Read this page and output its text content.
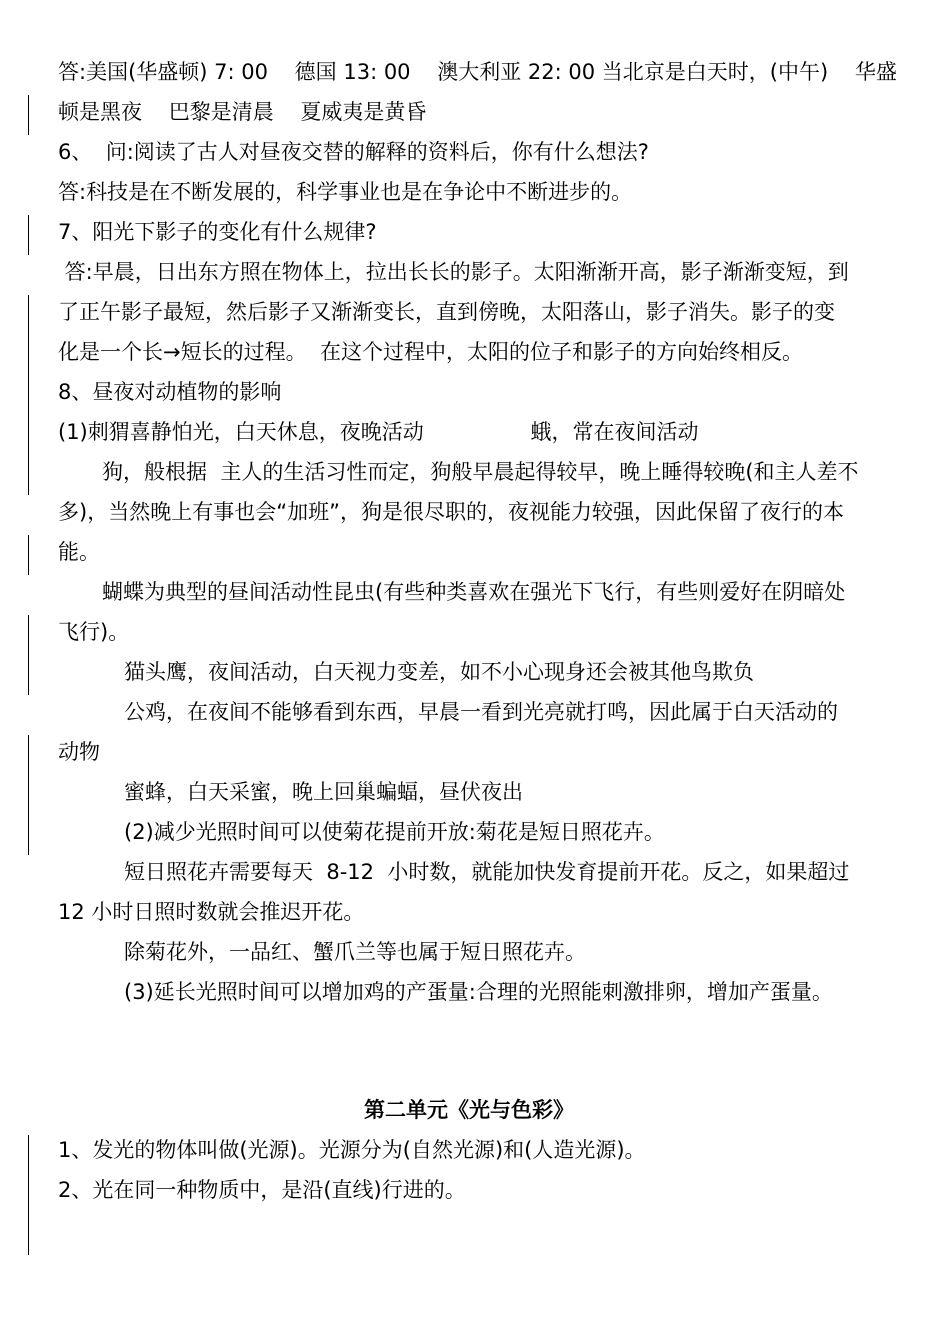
答:美国(华盛顿) 7: 00    德国 13: 00    澳大利亚 22: 00 当北京是白天时，(中午)    华盛
顿是黑夜    巴黎是清晨    夏威夷是黄昏
6、  问:阅读了古人对昼夜交替的解释的资料后，你有什么想法?
答:科技是在不断发展的，科学事业也是在争论中不断进步的。
7、阳光下影子的变化有什么规律?
答:早晨，日出东方照在物体上，拉出长长的影子。太阳渐渐开高，影子渐渐变短，到
了正午影子最短，然后影子又渐渐变长，直到傍晚，太阳落山，影子消失。影子的变
化是一个长→短长的过程。  在这个过程中，太阳的位子和影子的方向始终相反。
8、昼夜对动植物的影响
(1)刺猬喜静怕光，白天休息，夜晚活动                蛾，常在夜间活动
狗，般根据  主人的生活习性而定，狗般早晨起得较早，晚上睡得较晚(和主人差不
多)，当然晚上有事也会“加班”，狗是很尽职的，夜视能力较强，因此保留了夜行的本
能。
蝴蝶为典型的昼间活动性昆虫(有些种类喜欢在强光下飞行，有些则爱好在阴暗处
飞行)。
猫头鹰，夜间活动，白天视力变差，如不小心现身还会被其他鸟欺负
公鸡，在夜间不能够看到东西，早晨一看到光亮就打鸣，因此属于白天活动的
动物
蜜蜂，白天采蜜，晚上回巢蝙蝠，昼伏夜出
(2)减少光照时间可以使菊花提前开放:菊花是短日照花卉。
短日照花卉需要每天  8-12  小时数，就能加快发育提前开花。反之，如果超过
12 小时日照时数就会推迟开花。
除菊花外，一品红、蟹爪兰等也属于短日照花卉。
(3)延长光照时间可以增加鸡的产蛋量:合理的光照能刺激排卵，增加产蛋量。
第二单元《光与色彩》
1、发光的物体叫做(光源)。光源分为(自然光源)和(人造光源)。
2、光在同一种物质中，是沿(直线)行进的。
